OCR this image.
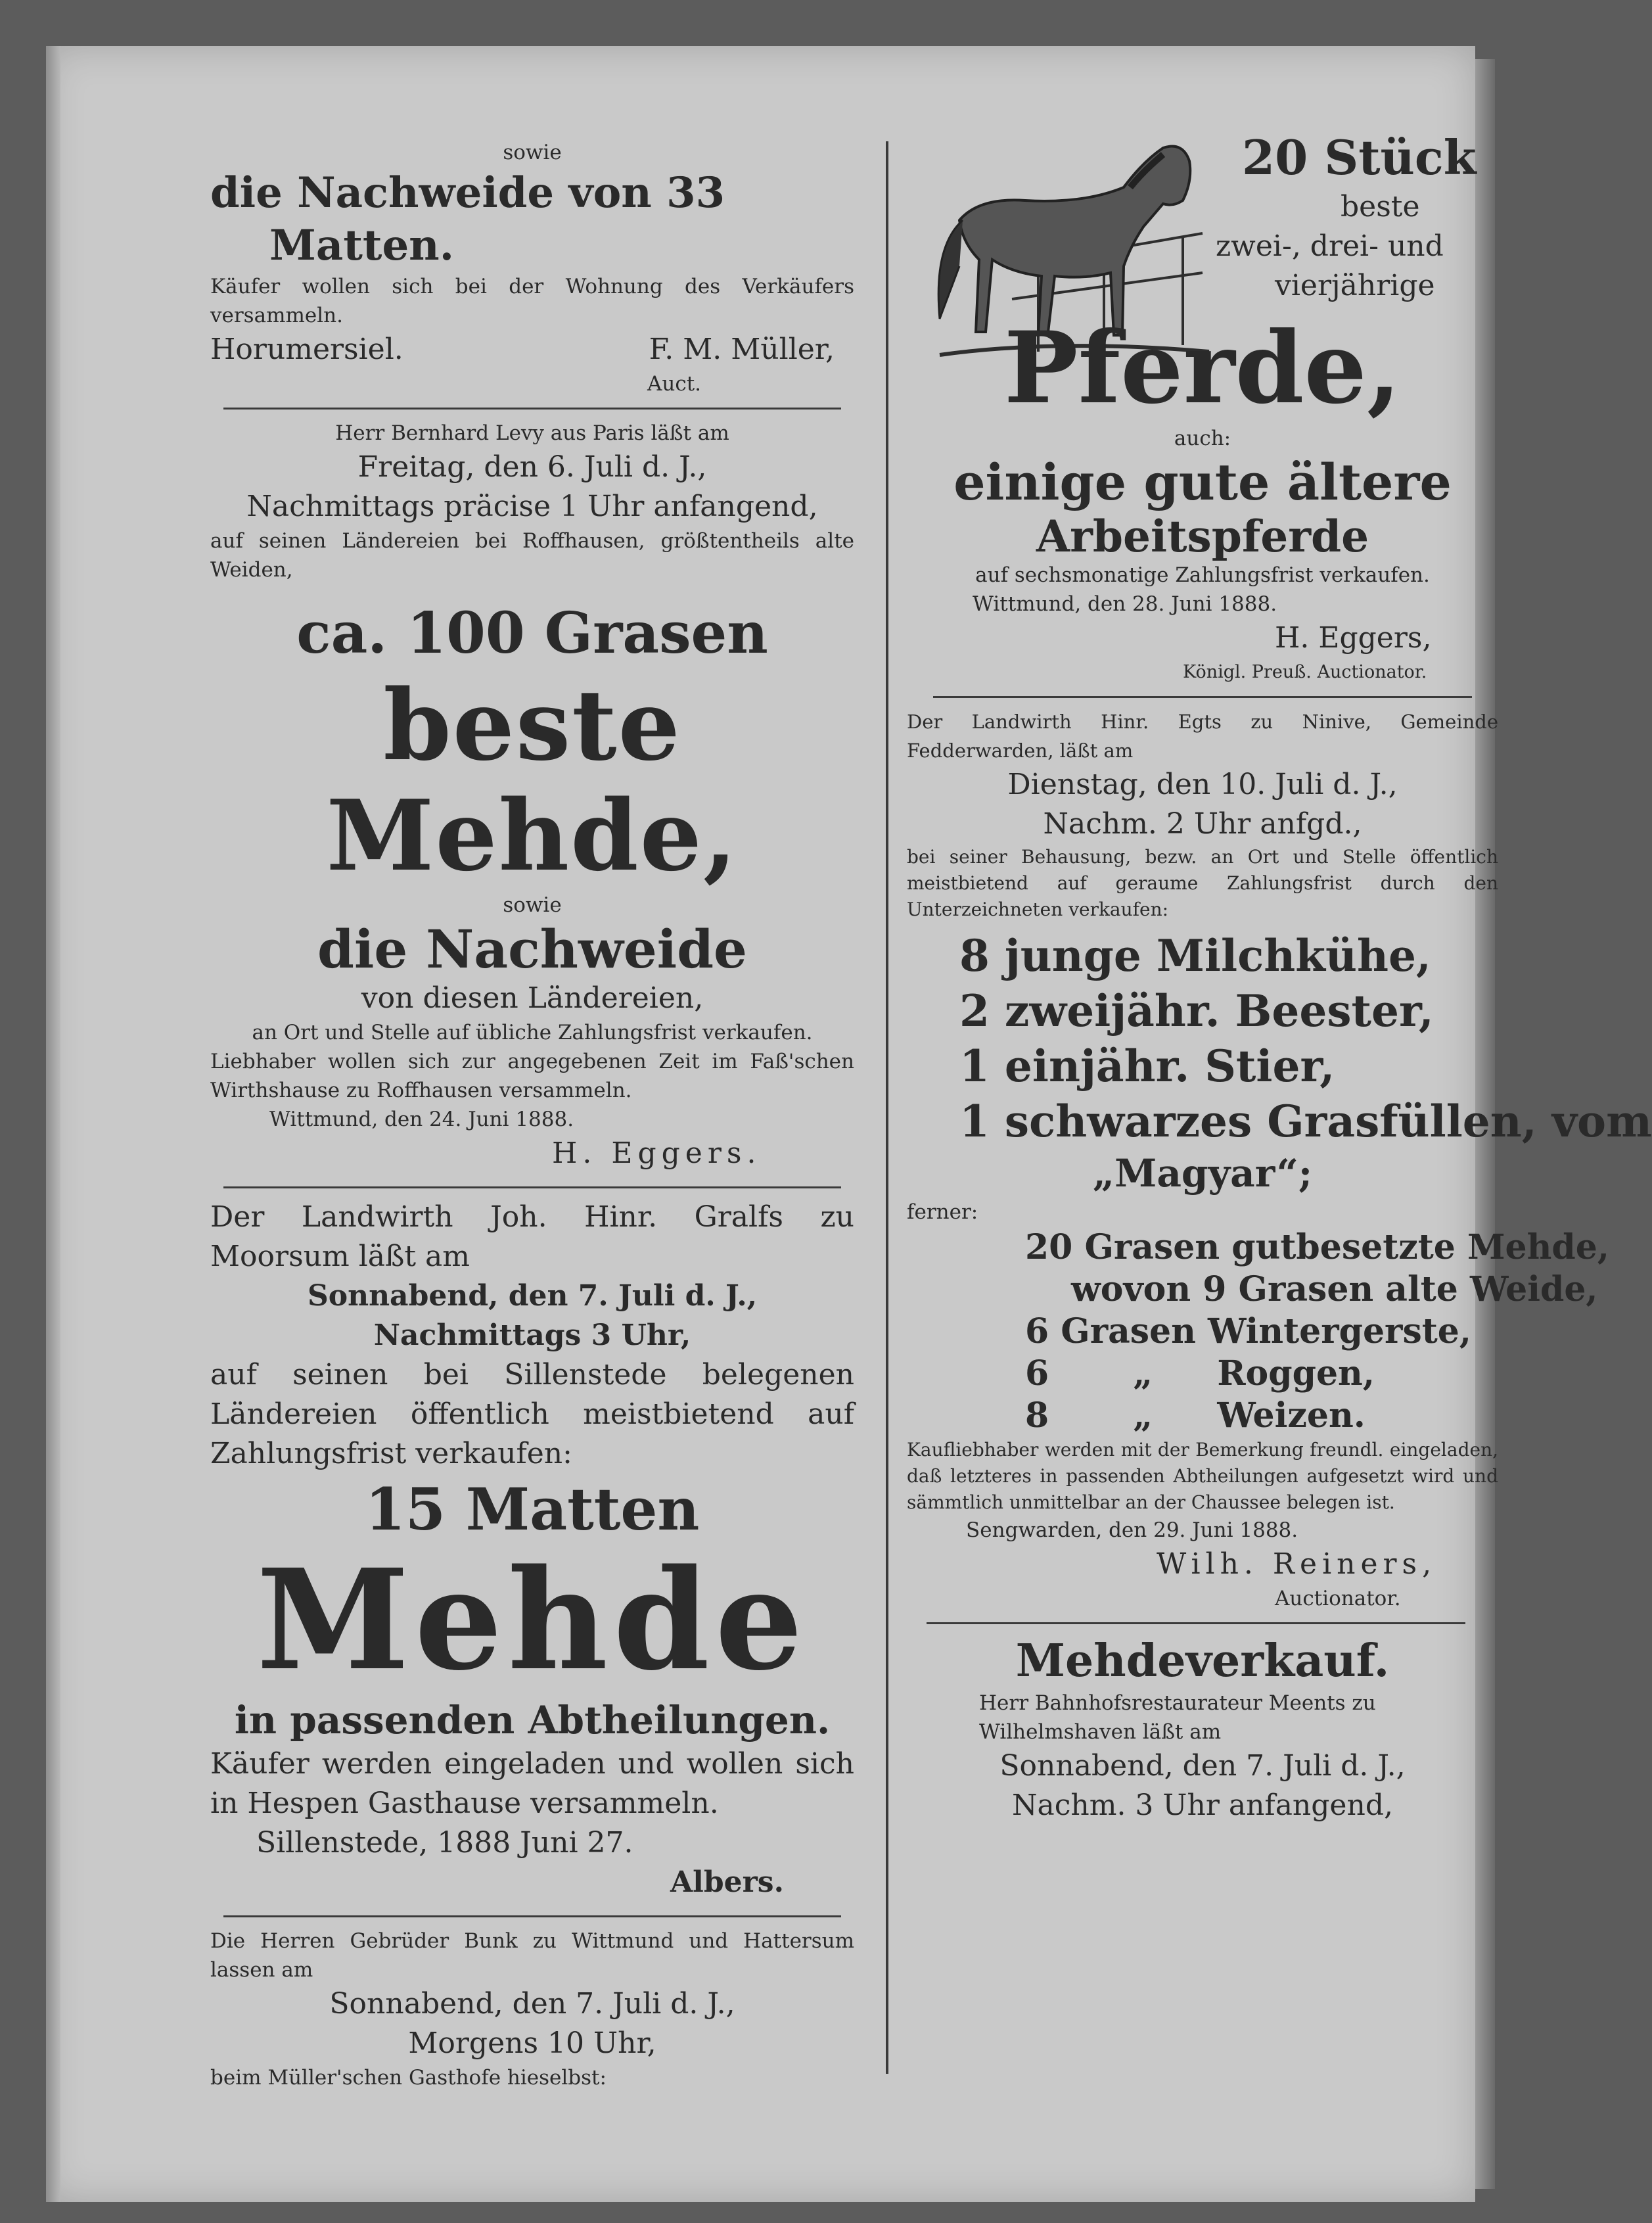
sowie
die Nachweide von 33
Matten.
Käufer wollen sich bei der Wohnung des Verkäufers versammeln.
Horumersiel.	F. M. Müller,
Auct.
Herr Bernhard Levy aus Paris läßt am
Freitag, den 6. Juli d. J.,
Nachmittags präcise 1 Uhr anfangend,
auf seinen Ländereien bei Roffhausen, größtentheils alte Weiden,
ca. 100 Grasen
beste Mehde,
sowie
die Nachweide
von diesen Ländereien,
an Ort und Stelle auf übliche Zahlungsfrist verkaufen.
Liebhaber wollen sich zur angegebenen Zeit im Faß'schen Wirthshause zu Roffhausen versammeln.
Wittmund, den 24. Juni 1888.
H. Eggers.
Der Landwirth Joh. Hinr. Gralfs zu Moorsum läßt am
Sonnabend, den 7. Juli d. J.,
Nachmittags 3 Uhr,
auf seinen bei Sillenstede belegenen Ländereien öffentlich meistbietend auf Zahlungsfrist verkaufen:
15 Matten
Mehde
in passenden Abtheilungen.
Käufer werden eingeladen und wollen sich in Hespen Gasthause versammeln.
Sillenstede, 1888 Juni 27.
Albers.
Die Herren Gebrüder Bunk zu Wittmund und Hattersum lassen am
Sonnabend, den 7. Juli d. J.,
Morgens 10 Uhr,
beim Müller'schen Gasthofe hieselbst:
20 Stück
beste
zwei-, drei- und
vierjährige
Pferde,
auch:
einige gute ältere
Arbeitspferde
auf sechsmonatige Zahlungsfrist verkaufen.
Wittmund, den 28. Juni 1888.
H. Eggers,
Königl. Preuß. Auctionator.
Der Landwirth Hinr. Egts zu Ninive, Gemeinde Fedderwarden, läßt am
Dienstag, den 10. Juli d. J.,
Nachm. 2 Uhr anfgd.,
bei seiner Behausung, bezw. an Ort und Stelle öffentlich meistbietend auf geraume Zahlungsfrist durch den Unterzeichneten verkaufen:
8 junge Milchkühe,
2 zweijähr. Beester,
1 einjähr. Stier,
1 schwarzes Grasfüllen, vom
„Magyar“;
ferner:
20 Grasen gutbesetzte Mehde,
wovon 9 Grasen alte Weide,
6 Grasen Wintergerste,
6 „ Roggen,
8 „ Weizen.
Kaufliebhaber werden mit der Bemerkung freundl. eingeladen, daß letzteres in passenden Abtheilungen aufgesetzt wird und sämmtlich unmittelbar an der Chaussee belegen ist.
Sengwarden, den 29. Juni 1888.
Wilh. Reiners,
Auctionator.
Mehdeverkauf.
Herr Bahnhofsrestaurateur Meents zu Wilhelmshaven läßt am
Sonnabend, den 7. Juli d. J.,
Nachm. 3 Uhr anfangend,
